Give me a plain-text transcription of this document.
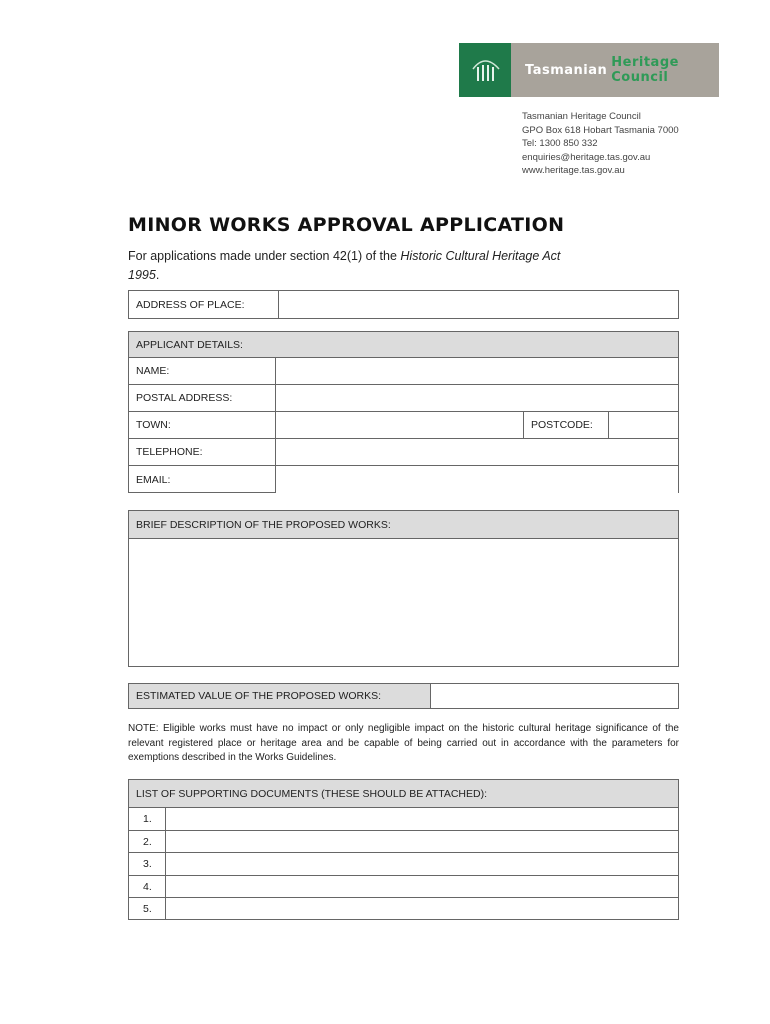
Tasmanian Heritage Council
Tasmanian Heritage Council
GPO Box 618 Hobart Tasmania 7000
Tel: 1300 850 332
enquiries@heritage.tas.gov.au
www.heritage.tas.gov.au
MINOR WORKS APPROVAL APPLICATION
For applications made under section 42(1) of the Historic Cultural Heritage Act
1995.
ADDRESS OF PLACE:
APPLICANT DETAILS:
NAME:
POSTAL ADDRESS:
TOWN:	POSTCODE:
TELEPHONE:
EMAIL:
BRIEF DESCRIPTION OF THE PROPOSED WORKS:
ESTIMATED VALUE OF THE PROPOSED WORKS:
NOTE: Eligible works must have no impact or only negligible impact on the historic cultural heritage significance of the relevant registered place or heritage area and be capable of being carried out in accordance with the parameters for exemptions described in the Works Guidelines.
LIST OF SUPPORTING DOCUMENTS (THESE SHOULD BE ATTACHED):
1.
2.
3.
4.
5.
